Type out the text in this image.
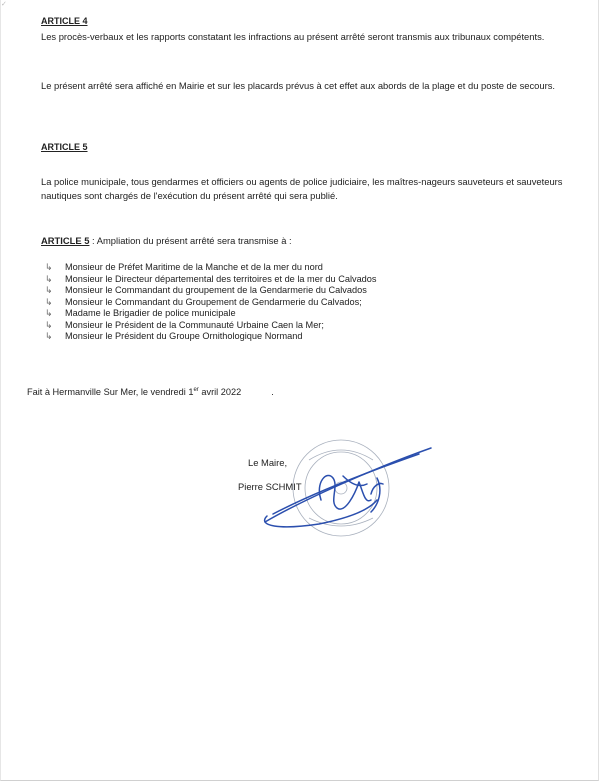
✓

ARTICLE 4

Les procès-verbaux et les rapports constatant les infractions au présent arrêté seront transmis aux tribunaux compétents.

Le présent arrêté sera affiché en Mairie et sur les placards prévus à cet effet aux abords de la plage et du poste de secours.

ARTICLE 5

La police municipale, tous gendarmes et officiers ou agents de police judiciaire, les maîtres-nageurs sauveteurs et sauveteurs nautiques sont chargés de l'exécution du présent arrêté qui sera publié.

ARTICLE 5 : Ampliation du présent arrêté sera transmise à :

↳	Monsieur de Préfet Maritime de la Manche et de la mer du nord
↳	Monsieur le Directeur départemental des territoires et de la mer du Calvados
↳	Monsieur le Commandant du groupement de la Gendarmerie du Calvados
↳	Monsieur le Commandant du Groupement de Gendarmerie du Calvados;
↳	Madame le Brigadier de police municipale
↳	Monsieur le Président de la Communauté Urbaine Caen la Mer;
↳	Monsieur le Président du Groupe Ornithologique Normand

Fait à Hermanville Sur Mer, le vendredi 1er avril 2022	.

Le Maire,

Pierre SCHMIT
